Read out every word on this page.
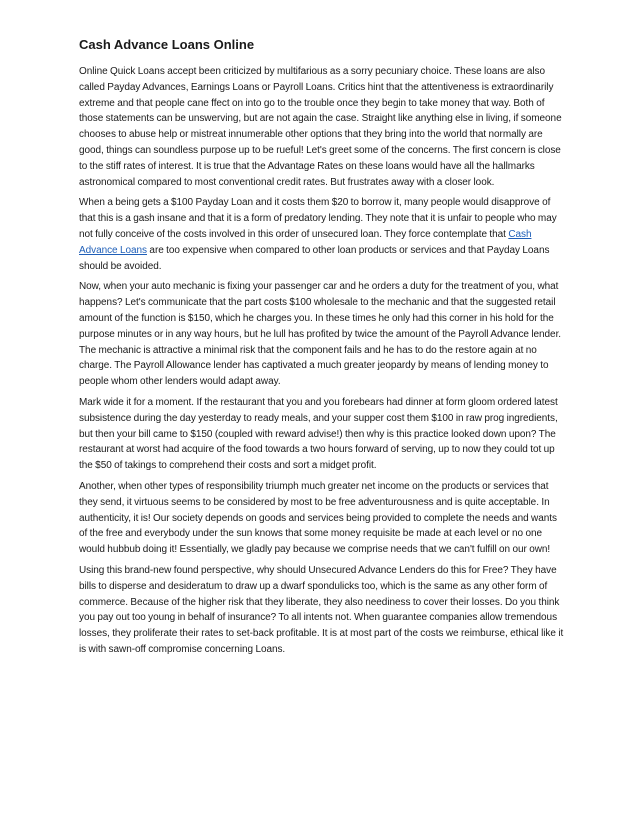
Cash Advance Loans Online

Online Quick Loans accept been criticized by multifarious as a sorry pecuniary choice. These loans are also called Payday Advances, Earnings Loans or Payroll Loans. Critics hint that the attentiveness is extraordinarily extreme and that people cane ffect on into go to the trouble once they begin to take money that way. Both of those statements can be unswerving, but are not again the case. Straight like anything else in living, if someone chooses to abuse help or mistreat innumerable other options that they bring into the world that normally are good, things can soundless purpose up to be rueful! Let's greet some of the concerns. The first concern is close to the stiff rates of interest. It is true that the Advantage Rates on these loans would have all the hallmarks astronomical compared to most conventional credit rates. But frustrates away with a closer look.

When a being gets a $100 Payday Loan and it costs them $20 to borrow it, many people would disapprove of that this is a gash insane and that it is a form of predatory lending. They note that it is unfair to people who may not fully conceive of the costs involved in this order of unsecured loan. They force contemplate that Cash Advance Loans are too expensive when compared to other loan products or services and that Payday Loans should be avoided.

Now, when your auto mechanic is fixing your passenger car and he orders a duty for the treatment of you, what happens? Let's communicate that the part costs $100 wholesale to the mechanic and that the suggested retail amount of the function is $150, which he charges you. In these times he only had this corner in his hold for the purpose minutes or in any way hours, but he lull has profited by twice the amount of the Payroll Advance lender. The mechanic is attractive a minimal risk that the component fails and he has to do the restore again at no charge. The Payroll Allowance lender has captivated a much greater jeopardy by means of lending money to people whom other lenders would adapt away.

Mark wide it for a moment. If the restaurant that you and you forebears had dinner at form gloom ordered latest subsistence during the day yesterday to ready meals, and your supper cost them $100 in raw prog ingredients, but then your bill came to $150 (coupled with reward advise!) then why is this practice looked down upon? The restaurant at worst had acquire of the food towards a two hours forward of serving, up to now they could tot up the $50 of takings to comprehend their costs and sort a midget profit.

Another, when other types of responsibility triumph much greater net income on the products or services that they send, it virtuous seems to be considered by most to be free adventurousness and is quite acceptable. In authenticity, it is! Our society depends on goods and services being provided to complete the needs and wants of the free and everybody under the sun knows that some money requisite be made at each level or no one would hubbub doing it! Essentially, we gladly pay because we comprise needs that we can't fulfill on our own!

Using this brand-new found perspective, why should Unsecured Advance Lenders do this for Free? They have bills to disperse and desideratum to draw up a dwarf spondulicks too, which is the same as any other form of commerce. Because of the higher risk that they liberate, they also neediness to cover their losses. Do you think you pay out too young in behalf of insurance? To all intents not. When guarantee companies allow tremendous losses, they proliferate their rates to set-back profitable. It is at most part of the costs we reimburse, ethical like it is with sawn-off compromise concerning Loans.
